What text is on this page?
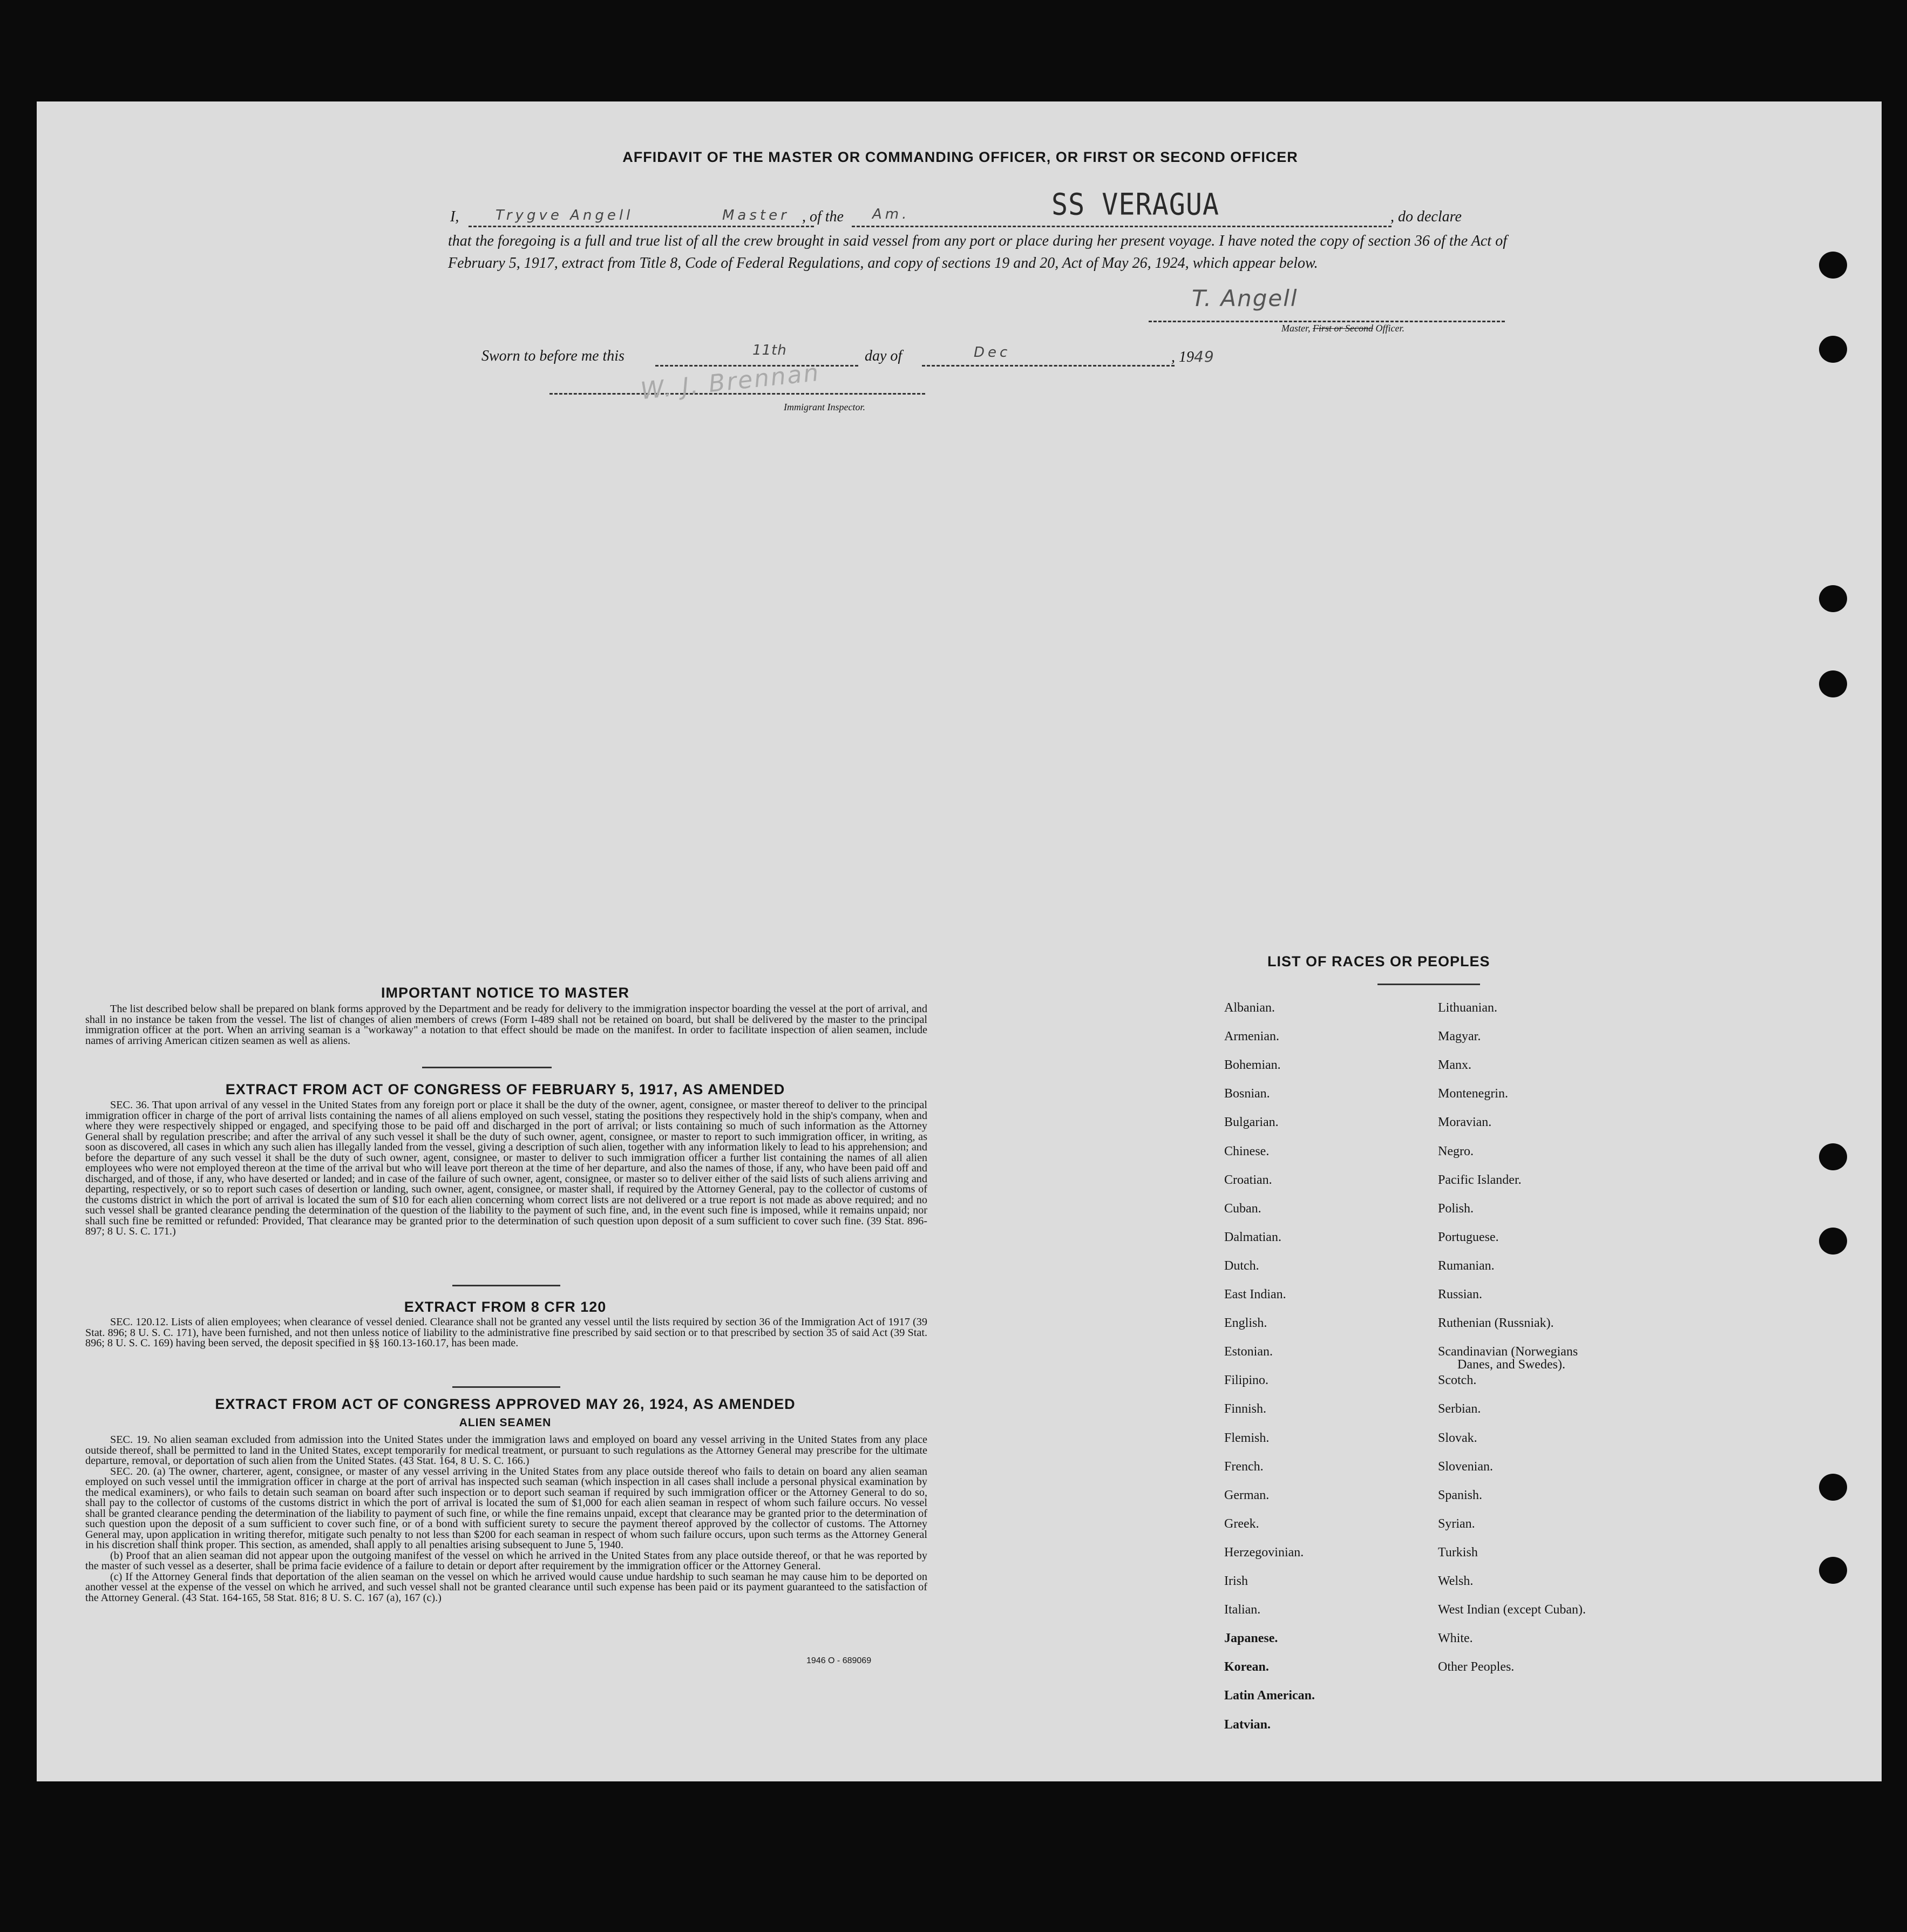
AFFIDAVIT OF THE MASTER OR COMMANDING OFFICER, OR FIRST OR SECOND OFFICER
I,	Trygve Angell	Master , of the Am.	SS VERAGUA	, do declare
that the foregoing is a full and true list of all the crew brought in said vessel from any port or place during her present voyage. I have noted the copy of section 36 of the Act of February 5, 1917, extract from Title 8, Code of Federal Regulations, and copy of sections 19 and 20, Act of May 26, 1924, which appear below.
T. Angell
Master, First or Second Officer.
Sworn to before me this	11th	day of	Dec	, 1949
W. J. Brennan
Immigrant Inspector.
IMPORTANT NOTICE TO MASTER

The list described below shall be prepared on blank forms approved by the Department and be ready for delivery to the immigration inspector boarding the vessel at the port of arrival, and shall in no instance be taken from the vessel. The list of changes of alien members of crews (Form I-489 shall not be retained on board, but shall be delivered by the master to the principal immigration officer at the port. When an arriving seaman is a "workaway" a notation to that effect should be made on the manifest. In order to facilitate inspection of alien seamen, include names of arriving American citizen seamen as well as aliens.

EXTRACT FROM ACT OF CONGRESS OF FEBRUARY 5, 1917, AS AMENDED

SEC. 36. That upon arrival of any vessel in the United States from any foreign port or place it shall be the duty of the owner, agent, consignee, or master thereof to deliver to the principal immigration officer in charge of the port of arrival lists containing the names of all aliens employed on such vessel, stating the positions they respectively hold in the ship's company, when and where they were respectively shipped or engaged, and specifying those to be paid off and discharged in the port of arrival; or lists containing so much of such information as the Attorney General shall by regulation prescribe; and after the arrival of any such vessel it shall be the duty of such owner, agent, consignee, or master to report to such immigration officer, in writing, as soon as discovered, all cases in which any such alien has illegally landed from the vessel, giving a description of such alien, together with any information likely to lead to his apprehension; and before the departure of any such vessel it shall be the duty of such owner, agent, consignee, or master to deliver to such immigration officer a further list containing the names of all alien employees who were not employed thereon at the time of the arrival but who will leave port thereon at the time of her departure, and also the names of those, if any, who have been paid off and discharged, and of those, if any, who have deserted or landed; and in case of the failure of such owner, agent, consignee, or master so to deliver either of the said lists of such aliens arriving and departing, respectively, or so to report such cases of desertion or landing, such owner, agent, consignee, or master shall, if required by the Attorney General, pay to the collector of customs of the customs district in which the port of arrival is located the sum of $10 for each alien concerning whom correct lists are not delivered or a true report is not made as above required; and no such vessel shall be granted clearance pending the determination of the question of the liability to the payment of such fine, and, in the event such fine is imposed, while it remains unpaid; nor shall such fine be remitted or refunded: Provided, That clearance may be granted prior to the determination of such question upon deposit of a sum sufficient to cover such fine. (39 Stat. 896-897; 8 U. S. C. 171.)

EXTRACT FROM 8 CFR 120

SEC. 120.12. Lists of alien employees; when clearance of vessel denied. Clearance shall not be granted any vessel until the lists required by section 36 of the Immigration Act of 1917 (39 Stat. 896; 8 U. S. C. 171), have been furnished, and not then unless notice of liability to the administrative fine prescribed by said section or to that prescribed by section 35 of said Act (39 Stat. 896; 8 U. S. C. 169) having been served, the deposit specified in §§ 160.13-160.17, has been made.

EXTRACT FROM ACT OF CONGRESS APPROVED MAY 26, 1924, AS AMENDED
ALIEN SEAMEN

SEC. 19. No alien seaman excluded from admission into the United States under the immigration laws and employed on board any vessel arriving in the United States from any place outside thereof, shall be permitted to land in the United States, except temporarily for medical treatment, or pursuant to such regulations as the Attorney General may prescribe for the ultimate departure, removal, or deportation of such alien from the United States. (43 Stat. 164, 8 U. S. C. 166.)

SEC. 20. (a) The owner, charterer, agent, consignee, or master of any vessel arriving in the United States from any place outside thereof who fails to detain on board any alien seaman employed on such vessel until the immigration officer in charge at the port of arrival has inspected such seaman (which inspection in all cases shall include a personal physical examination by the medical examiners), or who fails to detain such seaman on board after such inspection or to deport such seaman if required by such immigration officer or the Attorney General to do so, shall pay to the collector of customs of the customs district in which the port of arrival is located the sum of $1,000 for each alien seaman in respect of whom such failure occurs. No vessel shall be granted clearance pending the determination of the liability to payment of such fine, or while the fine remains unpaid, except that clearance may be granted prior to the determination of such question upon the deposit of a sum sufficient to cover such fine, or of a bond with sufficient surety to secure the payment thereof approved by the collector of customs. The Attorney General may, upon application in writing therefor, mitigate such penalty to not less than $200 for each seaman in respect of whom such failure occurs, upon such terms as the Attorney General in his discretion shall think proper. This section, as amended, shall apply to all penalties arising subsequent to June 5, 1940.

(b) Proof that an alien seaman did not appear upon the outgoing manifest of the vessel on which he arrived in the United States from any place outside thereof, or that he was reported by the master of such vessel as a deserter, shall be prima facie evidence of a failure to detain or deport after requirement by the immigration officer or the Attorney General.

(c) If the Attorney General finds that deportation of the alien seaman on the vessel on which he arrived would cause undue hardship to such seaman he may cause him to be deported on another vessel at the expense of the vessel on which he arrived, and such vessel shall not be granted clearance until such expense has been paid or its payment guaranteed to the satisfaction of the Attorney General. (43 Stat. 164-165, 58 Stat. 816; 8 U. S. C. 167 (a), 167 (c).)

1946 O - 689069
LIST OF RACES OR PEOPLES
Albanian.
Armenian.
Bohemian.
Bosnian.
Bulgarian.
Chinese.
Croatian.
Cuban.
Dalmatian.
Dutch.
East Indian.
English.
Estonian.
Filipino.
Finnish.
Flemish.
French.
German.
Greek.
Herzegovinian.
Irish
Italian.
Japanese.
Korean.
Latin American.
Latvian.
Lithuanian.
Magyar.
Manx.
Montenegrin.
Moravian.
Negro.
Pacific Islander.
Polish.
Portuguese.
Rumanian.
Russian.
Ruthenian (Russniak).
Scandinavian (Norwegians
Danes, and Swedes).
Scotch.
Serbian.
Slovak.
Slovenian.
Spanish.
Syrian.
Turkish
Welsh.
West Indian (except Cuban).
White.
Other Peoples.
